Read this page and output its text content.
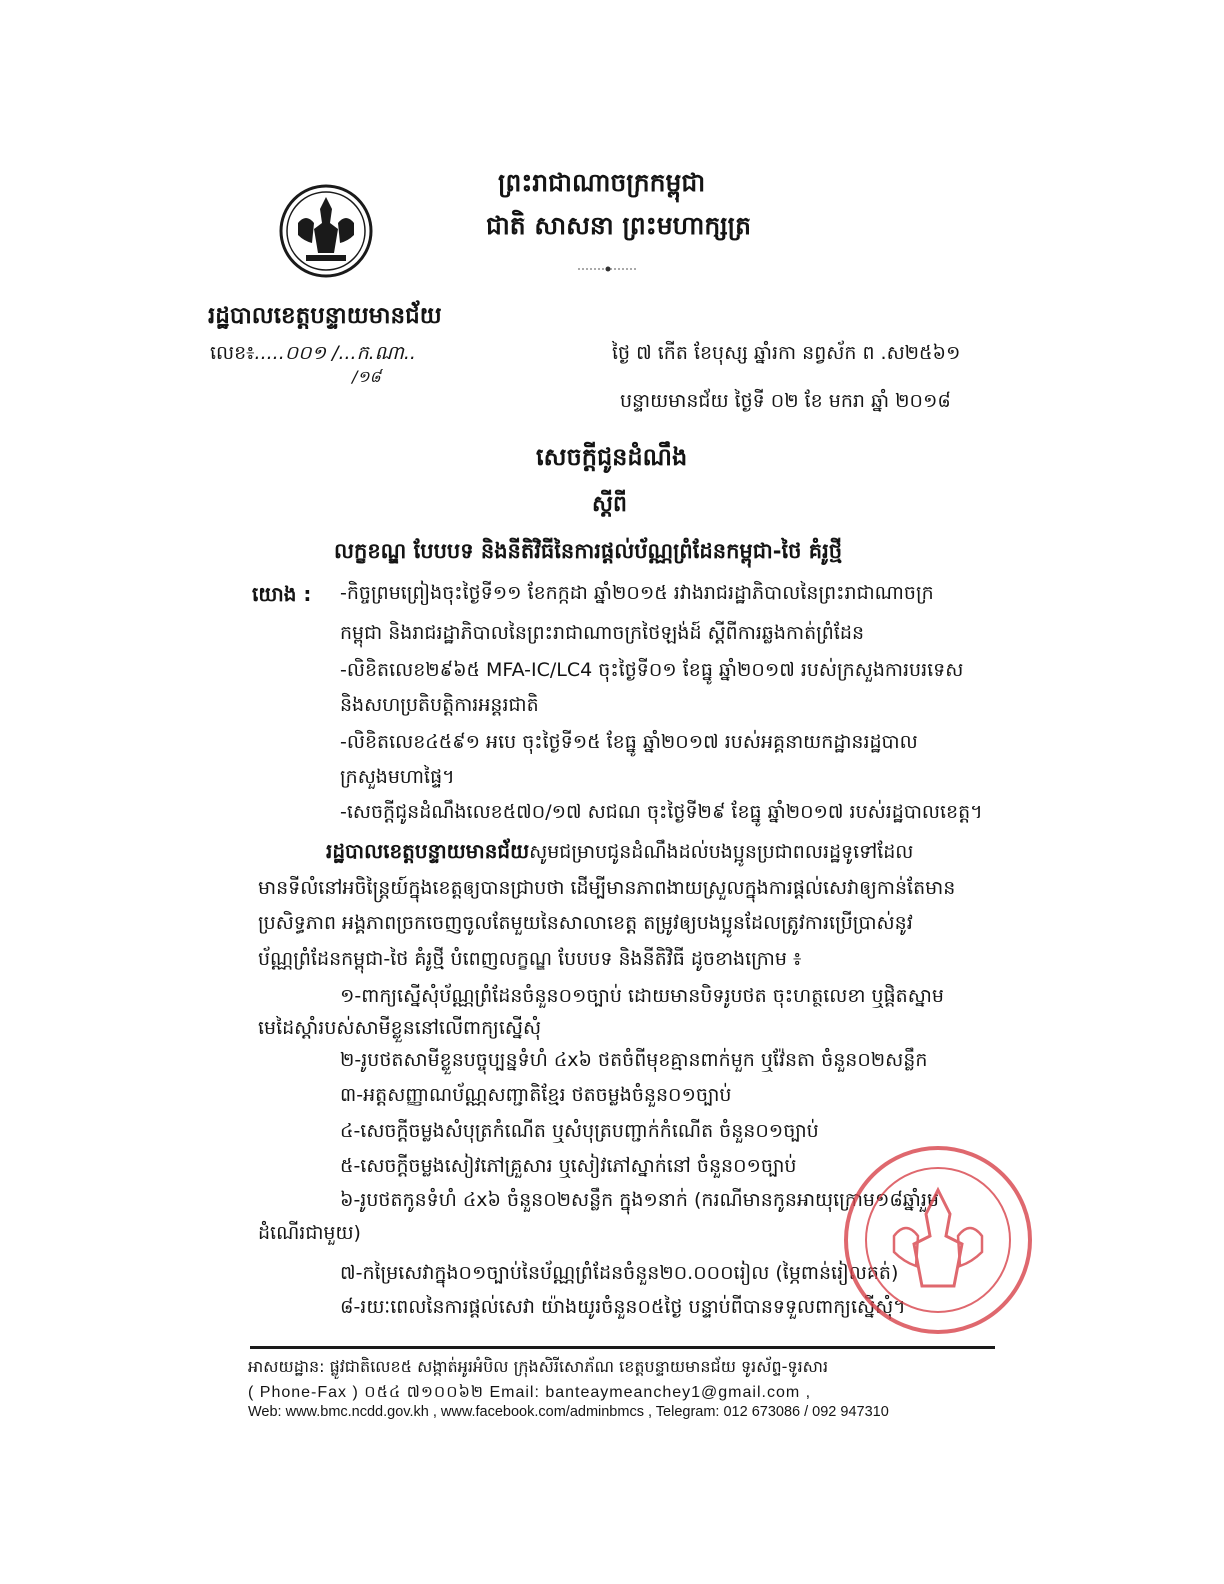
ព្រះរាជាណាចក្រកម្ពុជា
ជាតិ សាសនា ព្រះមហាក្សត្រ
រដ្ឋបាលខេត្តបន្ទាយមានជ័យ
លេខ៖.....០០១ /...ក.ណា..
/១៨
ថ្ងៃ ៧ កើត ខែបុស្ស ឆ្នាំរកា នព្វស័ក ព .ស២៥៦១
បន្ទាយមានជ័យ ថ្ងៃទី ០២ ខែ មករា ឆ្នាំ ២០១៨
សេចក្តីជូនដំណឹង
ស្តីពី
លក្ខខណ្ឌ បែបបទ និងនីតិវិធីនៃការផ្តល់ប័ណ្ណព្រំដែនកម្ពុជា-ថៃ គំរូថ្មី
យោង : -កិច្ចព្រមព្រៀងចុះថ្ងៃទី១១ ខែកក្កដា ឆ្នាំ២០១៥ រវាងរាជរដ្ឋាភិបាលនៃព្រះរាជាណាចក្រ
កម្ពុជា និងរាជរដ្ឋាភិបាលនៃព្រះរាជាណាចក្រថៃឡង់ដ៍ ស្តីពីការឆ្លងកាត់ព្រំដែន
-លិខិតលេខ២៩៦៥ MFA-IC/LC4 ចុះថ្ងៃទី០១ ខែធ្នូ ឆ្នាំ២០១៧ របស់ក្រសួងការបរទេស
និងសហប្រតិបត្តិការអន្តរជាតិ
-លិខិតលេខ៤៥៩១ អបេ ចុះថ្ងៃទី១៥ ខែធ្នូ ឆ្នាំ២០១៧ របស់អគ្គនាយកដ្ឋានរដ្ឋបាល
ក្រសួងមហាផ្ទៃ។
-សេចក្តីជូនដំណឹងលេខ៥៧០/១៧ សជណ ចុះថ្ងៃទី២៩ ខែធ្នូ ឆ្នាំ២០១៧ របស់រដ្ឋបាលខេត្ត។
រដ្ឋបាលខេត្តបន្ទាយមានជ័យសូមជម្រាបជូនដំណឹងដល់បងប្អូនប្រជាពលរដ្ឋទូទៅដែល
មានទីលំនៅអចិន្ត្រៃយ៍ក្នុងខេត្តឲ្យបានជ្រាបថា ដើម្បីមានភាពងាយស្រួលក្នុងការផ្តល់សេវាឲ្យកាន់តែមាន
ប្រសិទ្ធភាព អង្គភាពច្រកចេញចូលតែមួយនៃសាលាខេត្ត តម្រូវឲ្យបងប្អូនដែលត្រូវការប្រើប្រាស់នូវ
ប័ណ្ណព្រំដែនកម្ពុជា-ថៃ គំរូថ្មី បំពេញលក្ខណ្ឌ បែបបទ និងនីតិវិធី ដូចខាងក្រោម ៖
១-ពាក្យស្នើសុំប័ណ្ណព្រំដែនចំនួន០១ច្បាប់ ដោយមានបិទរូបថត ចុះហត្ថលេខា ឬផ្តិតស្នាម
មេដៃស្តាំរបស់សាមីខ្លួននៅលើពាក្យស្នើសុំ
២-រូបថតសាមីខ្លួនបច្ចុប្បន្នទំហំ ៤x៦ ថតចំពីមុខគ្មានពាក់មួក ឬវ៉ែនតា ចំនួន០២សន្លឹក
៣-អត្តសញ្ញាណប័ណ្ណសញ្ជាតិខ្មែរ ថតចម្លងចំនួន០១ច្បាប់
៤-សេចក្តីចម្លងសំបុត្រកំណើត ឬសំបុត្របញ្ជាក់កំណើត ចំនួន០១ច្បាប់
៥-សេចក្តីចម្លងសៀវភៅគ្រួសារ ឬសៀវភៅស្នាក់នៅ ចំនួន០១ច្បាប់
៦-រូបថតកូនទំហំ ៤x៦ ចំនួន០២សន្លឹក ក្នុង១នាក់ (ករណីមានកូនអាយុក្រោម១៨ឆ្នាំរួម
ដំណើរជាមួយ)
៧-កម្រៃសេវាក្នុង០១ច្បាប់នៃប័ណ្ណព្រំដែនចំនួន២០.០០០រៀល (ម្ភៃពាន់រៀលគត់)
៨-រយៈពេលនៃការផ្តល់សេវា យ៉ាងយូរចំនួន០៥ថ្ងៃ បន្ទាប់ពីបានទទួលពាក្យស្នើសុំ។
អាសយដ្ឋាន: ផ្លូវជាតិលេខ៥ សង្កាត់អូរអំបិល ក្រុងសិរីសោភ័ណ ខេត្តបន្ទាយមានជ័យ ទូរស័ព្ទ-ទូរសារ
( Phone-Fax ) ០៥៤ ៧១០០៦២ Email: banteaymeanchey1@gmail.com ,
Web: www.bmc.ncdd.gov.kh , www.facebook.com/adminbmcs , Telegram: 012 673086 / 092 947310
